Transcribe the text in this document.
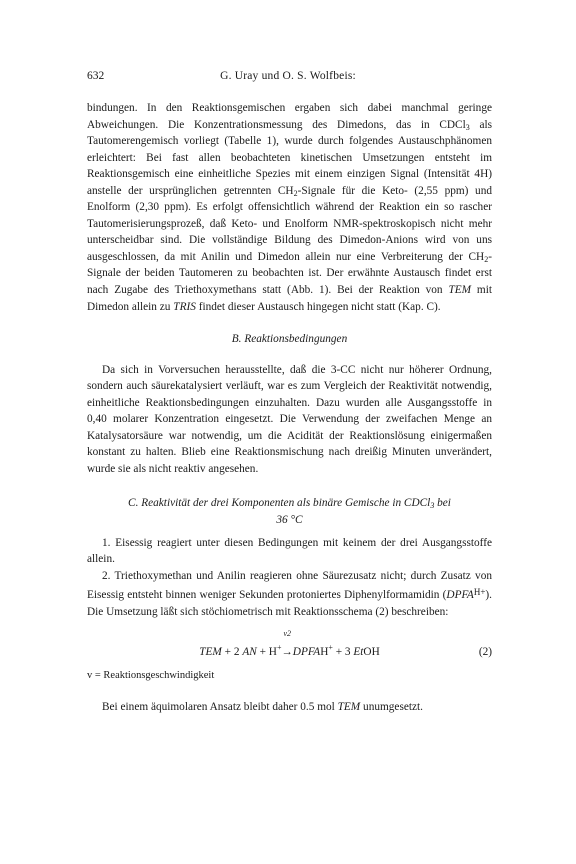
632	G. Uray und O. S. Wolfbeis:

bindungen. In den Reaktionsgemischen ergaben sich dabei manchmal geringe Abweichungen. Die Konzentrationsmessung des Dimedons, das in CDCl$_3$ als Tautomerengemisch vorliegt (Tabelle 1), wurde durch folgendes Austauschphänomen erleichtert: Bei fast allen beobachteten kinetischen Umsetzungen entsteht im Reaktionsgemisch eine einheitliche Spezies mit einem einzigen Signal (Intensität 4H) anstelle der ursprünglichen getrennten $CH_2$-Signale für die Keto- (2,55 ppm) und Enolform (2,30 ppm). Es erfolgt offensichtlich während der Reaktion ein so rascher Tautomerisierungsprozeß, daß Keto- und Enolform NMR-spektroskopisch nicht mehr unterscheidbar sind. Die vollständige Bildung des Dimedon-Anions wird von uns ausgeschlossen, da mit Anilin und Dimedon allein nur eine Verbreiterung der $CH_2$-Signale der beiden Tautomeren zu beobachten ist. Der erwähnte Austausch findet erst nach Zugabe des Triethoxymethans statt (Abb. 1). Bei der Reaktion von TEM mit Dimedon allein zu TRIS findet dieser Austausch hingegen nicht statt (Kap. C).

B. Reaktionsbedingungen

Da sich in Vorversuchen herausstellte, daß die 3-CC nicht nur höherer Ordnung, sondern auch säurekatalysiert verläuft, war es zum Vergleich der Reaktivität notwendig, einheitliche Reaktionsbedingungen einzuhalten. Dazu wurden alle Ausgangsstoffe in 0,40 molarer Konzentration eingesetzt. Die Verwendung der zweifachen Menge an Katalysatorsäure war notwendig, um die Acidität der Reaktionslösung einigermaßen konstant zu halten. Blieb eine Reaktionsmischung nach dreißig Minuten unverändert, wurde sie als nicht reaktiv angesehen.

C. Reaktivität der drei Komponenten als binäre Gemische in CDCl$_3$ bei
36 °C

1. Eisessig reagiert unter diesen Bedingungen mit keinem der drei Ausgangsstoffe allein.

2. Triethoxymethan und Anilin reagieren ohne Säurezusatz nicht; durch Zusatz von Eisessig entsteht binnen weniger Sekunden protoniertes Diphenylformamidin $(DPFA^{H+})$. Die Umsetzung läßt sich stöchiometrisch mit Reaktionsschema (2) beschreiben:

TEM + 2 AN + H+
v2
→DPFAH+ + 3 EtOH	(2)

v = Reaktionsgeschwindigkeit

Bei einem äquimolaren Ansatz bleibt daher 0.5 mol TEM unumgesetzt.
